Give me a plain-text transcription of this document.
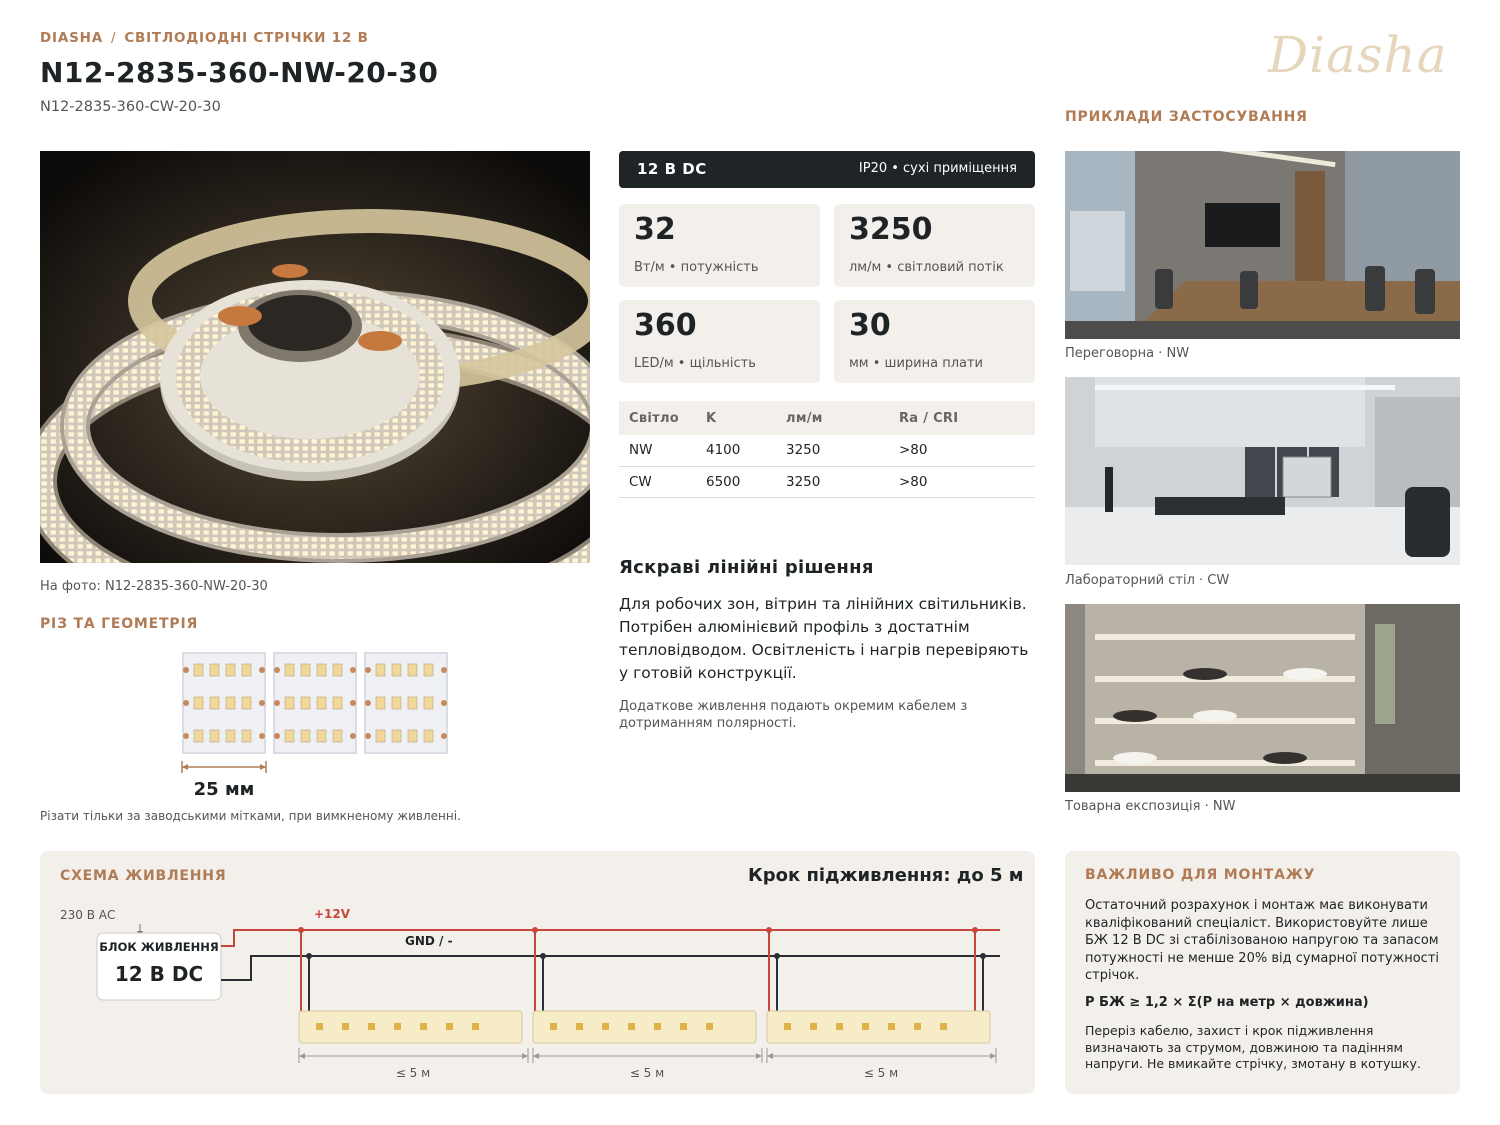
DIASHA / СВІТЛОДІОДНІ СТРІЧКИ 12 В
N12-2835-360-NW-20-30
N12-2835-360-CW-20-30
Diasha
На фото: N12-2835-360-NW-20-30
РІЗ ТА ГЕОМЕТРІЯ
25 мм
Різати тільки за заводськими мітками, при вимкненому живленні.
12 В DC	IP20 • сухі приміщення
32
Вт/м • потужність
3250
лм/м • світловий потік
360
LED/м • щільність
30
мм • ширина плати
Світло	K	лм/м	Ra / CRI
NW	4100	3250	>80
CW	6500	3250	>80
Яскраві лінійні рішення
Для робочих зон, вітрин та лінійних світильників. Потрібен алюмінієвий профіль з достатнім тепловідводом. Освітленість і нагрів перевіряють у готовій конструкції.
Додаткове живлення подають окремим кабелем з дотриманням полярності.
ПРИКЛАДИ ЗАСТОСУВАННЯ
Переговорна · NW
Лабораторний стіл · CW
Товарна експозиція · NW
СХЕМА ЖИВЛЕННЯ	Крок підживлення: до 5 м
230 В АС
БЛОК ЖИВЛЕННЯ
12 В DC
+12V
GND / -
≤ 5 м	≤ 5 м	≤ 5 м
ВАЖЛИВО ДЛЯ МОНТАЖУ
Остаточний розрахунок і монтаж має виконувати кваліфікований спеціаліст. Використовуйте лише БЖ 12 В DC зі стабілізованою напругою та запасом потужності не менше 20% від сумарної потужності стрічок.
P БЖ ≥ 1,2 × Σ(P на метр × довжина)
Переріз кабелю, захист і крок підживлення визначають за струмом, довжиною та падінням напруги. Не вмикайте стрічку, змотану в котушку.
